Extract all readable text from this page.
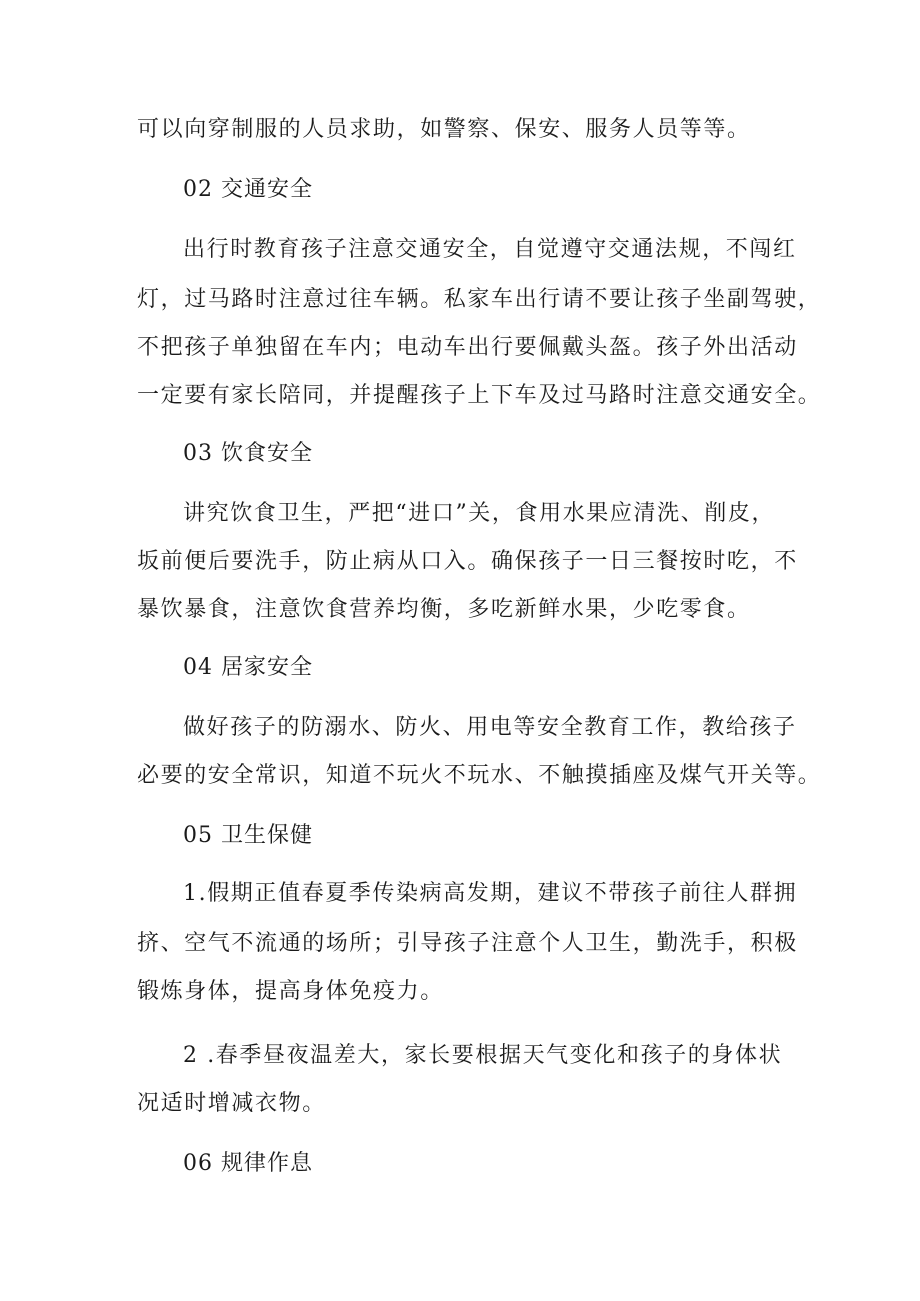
可以向穿制服的人员求助，如警察、保安、服务人员等等。

02 交通安全

出行时教育孩子注意交通安全，自觉遵守交通法规，不闯红

灯，过马路时注意过往车辆。私家车出行请不要让孩子坐副驾驶，

不把孩子单独留在车内；电动车出行要佩戴头盔。孩子外出活动

一定要有家长陪同，并提醒孩子上下车及过马路时注意交通安全。

03 饮食安全

讲究饮食卫生，严把“进口”关，食用水果应清洗、削皮，

坂前便后要洗手，防止病从口入。确保孩子一日三餐按时吃，不

暴饮暴食，注意饮食营养均衡，多吃新鲜水果，少吃零食。

04 居家安全

做好孩子的防溺水、防火、用电等安全教育工作，教给孩子

必要的安全常识，知道不玩火不玩水、不触摸插座及煤气开关等。

05 卫生保健

1.假期正值春夏季传染病高发期，建议不带孩子前往人群拥

挤、空气不流通的场所；引导孩子注意个人卫生，勤洗手，积极

锻炼身体，提高身体免疫力。

2 .春季昼夜温差大，家长要根据天气变化和孩子的身体状

况适时增减衣物。

06 规律作息
